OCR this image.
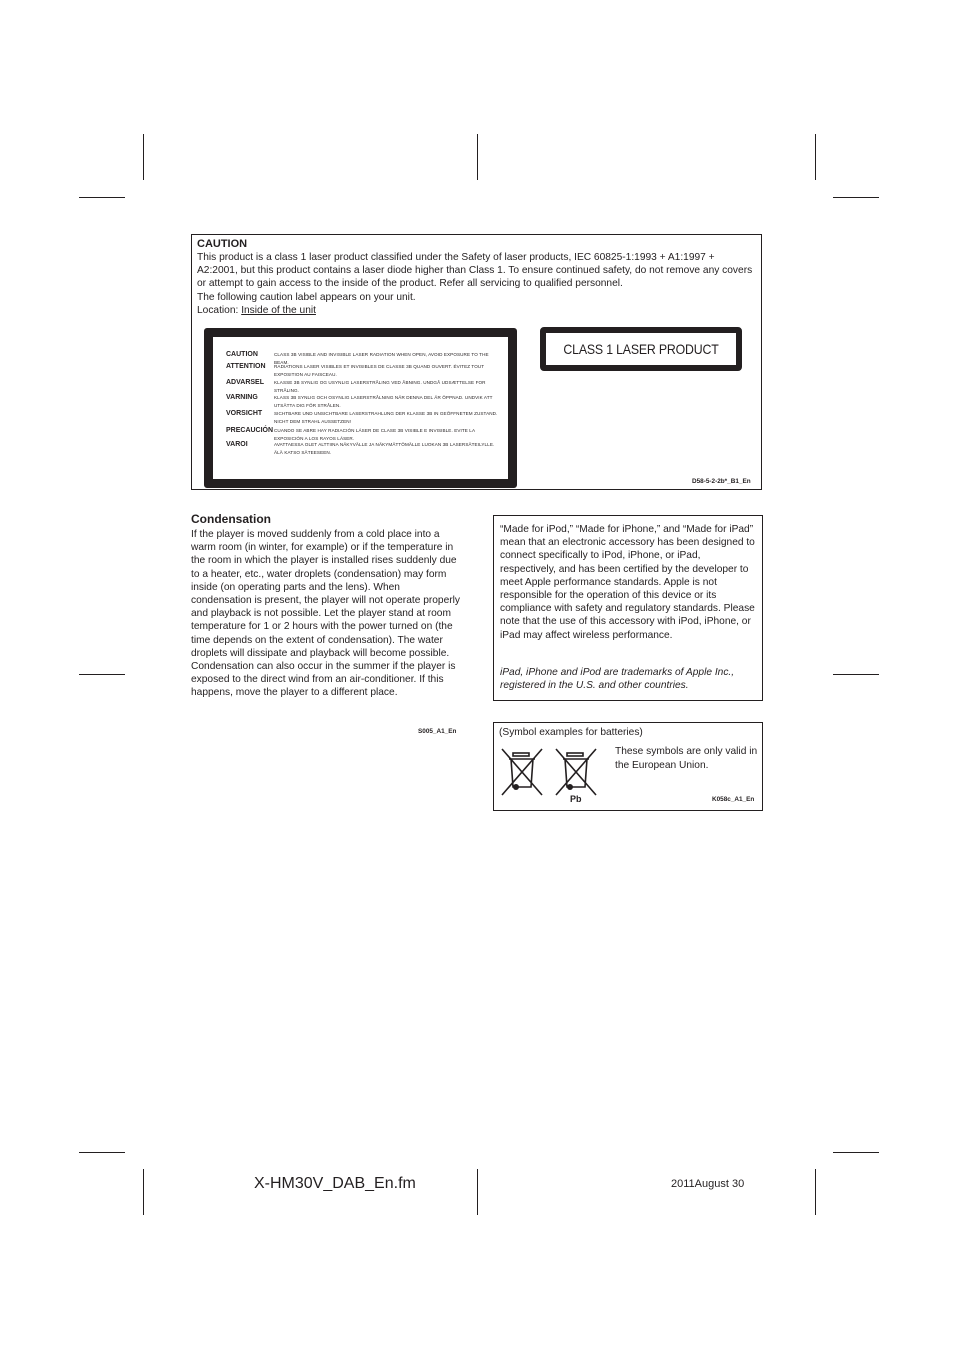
CAUTION

This product is a class 1 laser product classified under the Safety of laser products, IEC 60825-1:1993 + A1:1997 + A2:2001, but this product contains a laser diode higher than Class 1. To ensure continued safety, do not remove any covers or attempt to gain access to the inside of the product. Refer all servicing to qualified personnel.

The following caution label appears on your unit.

Location: Inside of the unit

CAUTION	CLASS 3B VISIBLE AND INVISIBLE LASER RADIATION WHEN OPEN, AVOID EXPOSURE TO THE BEAM.
ATTENTION RADIATIONS LASER VISIBLES ET INVISIBLES DE CLASSE 3B QUAND OUVERT. ÉVITEZ TOUT EXPOSITION AU FAISCEAU.
ADVARSEL KLASSE 3B SYNLIG OG USYNLIG LASERSTRÅLING VED ÅBNING. UNDGÅ UDSÆTTELSE FOR STRÅLING.
VARNING	KLASS 3B SYNLIG OCH OSYNLIG LASERSTRÅLNING NÄR DENNA DEL ÄR ÖPPNAD. UNDVIK ATT UTSÄTTA DIG FÖR STRÅLEN.
VORSICHT	SICHTBARE UND UNSICHTBARE LASERSTRAHLUNG DER KLASSE 3B IN GEÖFFNETEM ZUSTAND. NICHT DEM STRAHL AUSSETZEN!
PRECAUCIÓN CUANDO SE ABRE HAY RADIACIÓN LÁSER DE CLASE 3B VISIBLE E INVISIBLE. EVITE LA EXPOSICIÓN A LOS RAYOS LÁSER.
VAROI	AVATTAESSA OLET ALTTIINA NÄKYVÄLLE JA NÄKYMÄTTÖMÄLLE LUOKAN 3B LASERSÄTEILYLLE. ÄLÄ KATSO SÄTEESEEN.
CLASS 1 LASER PRODUCT
D58-5-2-2b*_B1_En
Condensation
If the player is moved suddenly from a cold place into a warm room (in winter, for example) or if the temperature in the room in which the player is installed rises suddenly due to a heater, etc., water droplets (condensation) may form inside (on operating parts and the lens). When condensation is present, the player will not operate properly and playback is not possible. Let the player stand at room temperature for 1 or 2 hours with the power turned on (the time depends on the extent of condensation). The water droplets will dissipate and playback will become possible. Condensation can also occur in the summer if the player is exposed to the direct wind from an air-conditioner. If this happens, move the player to a different place.
S005_A1_En
“Made for iPod,” “Made for iPhone,” and “Made for iPad” mean that an electronic accessory has been designed to connect specifically to iPod, iPhone, or iPad, respectively, and has been certified by the developer to meet Apple performance standards. Apple is not responsible for the operation of this device or its compliance with safety and regulatory standards. Please note that the use of this accessory with iPod, iPhone, or iPad may affect wireless performance.
iPad, iPhone and iPod are trademarks of Apple Inc., registered in the U.S. and other countries.
(Symbol examples for batteries)
Pb
These symbols are only valid in the European Union.
K058c_A1_En
X-HM30V_DAB_En.fm	2011August 30
